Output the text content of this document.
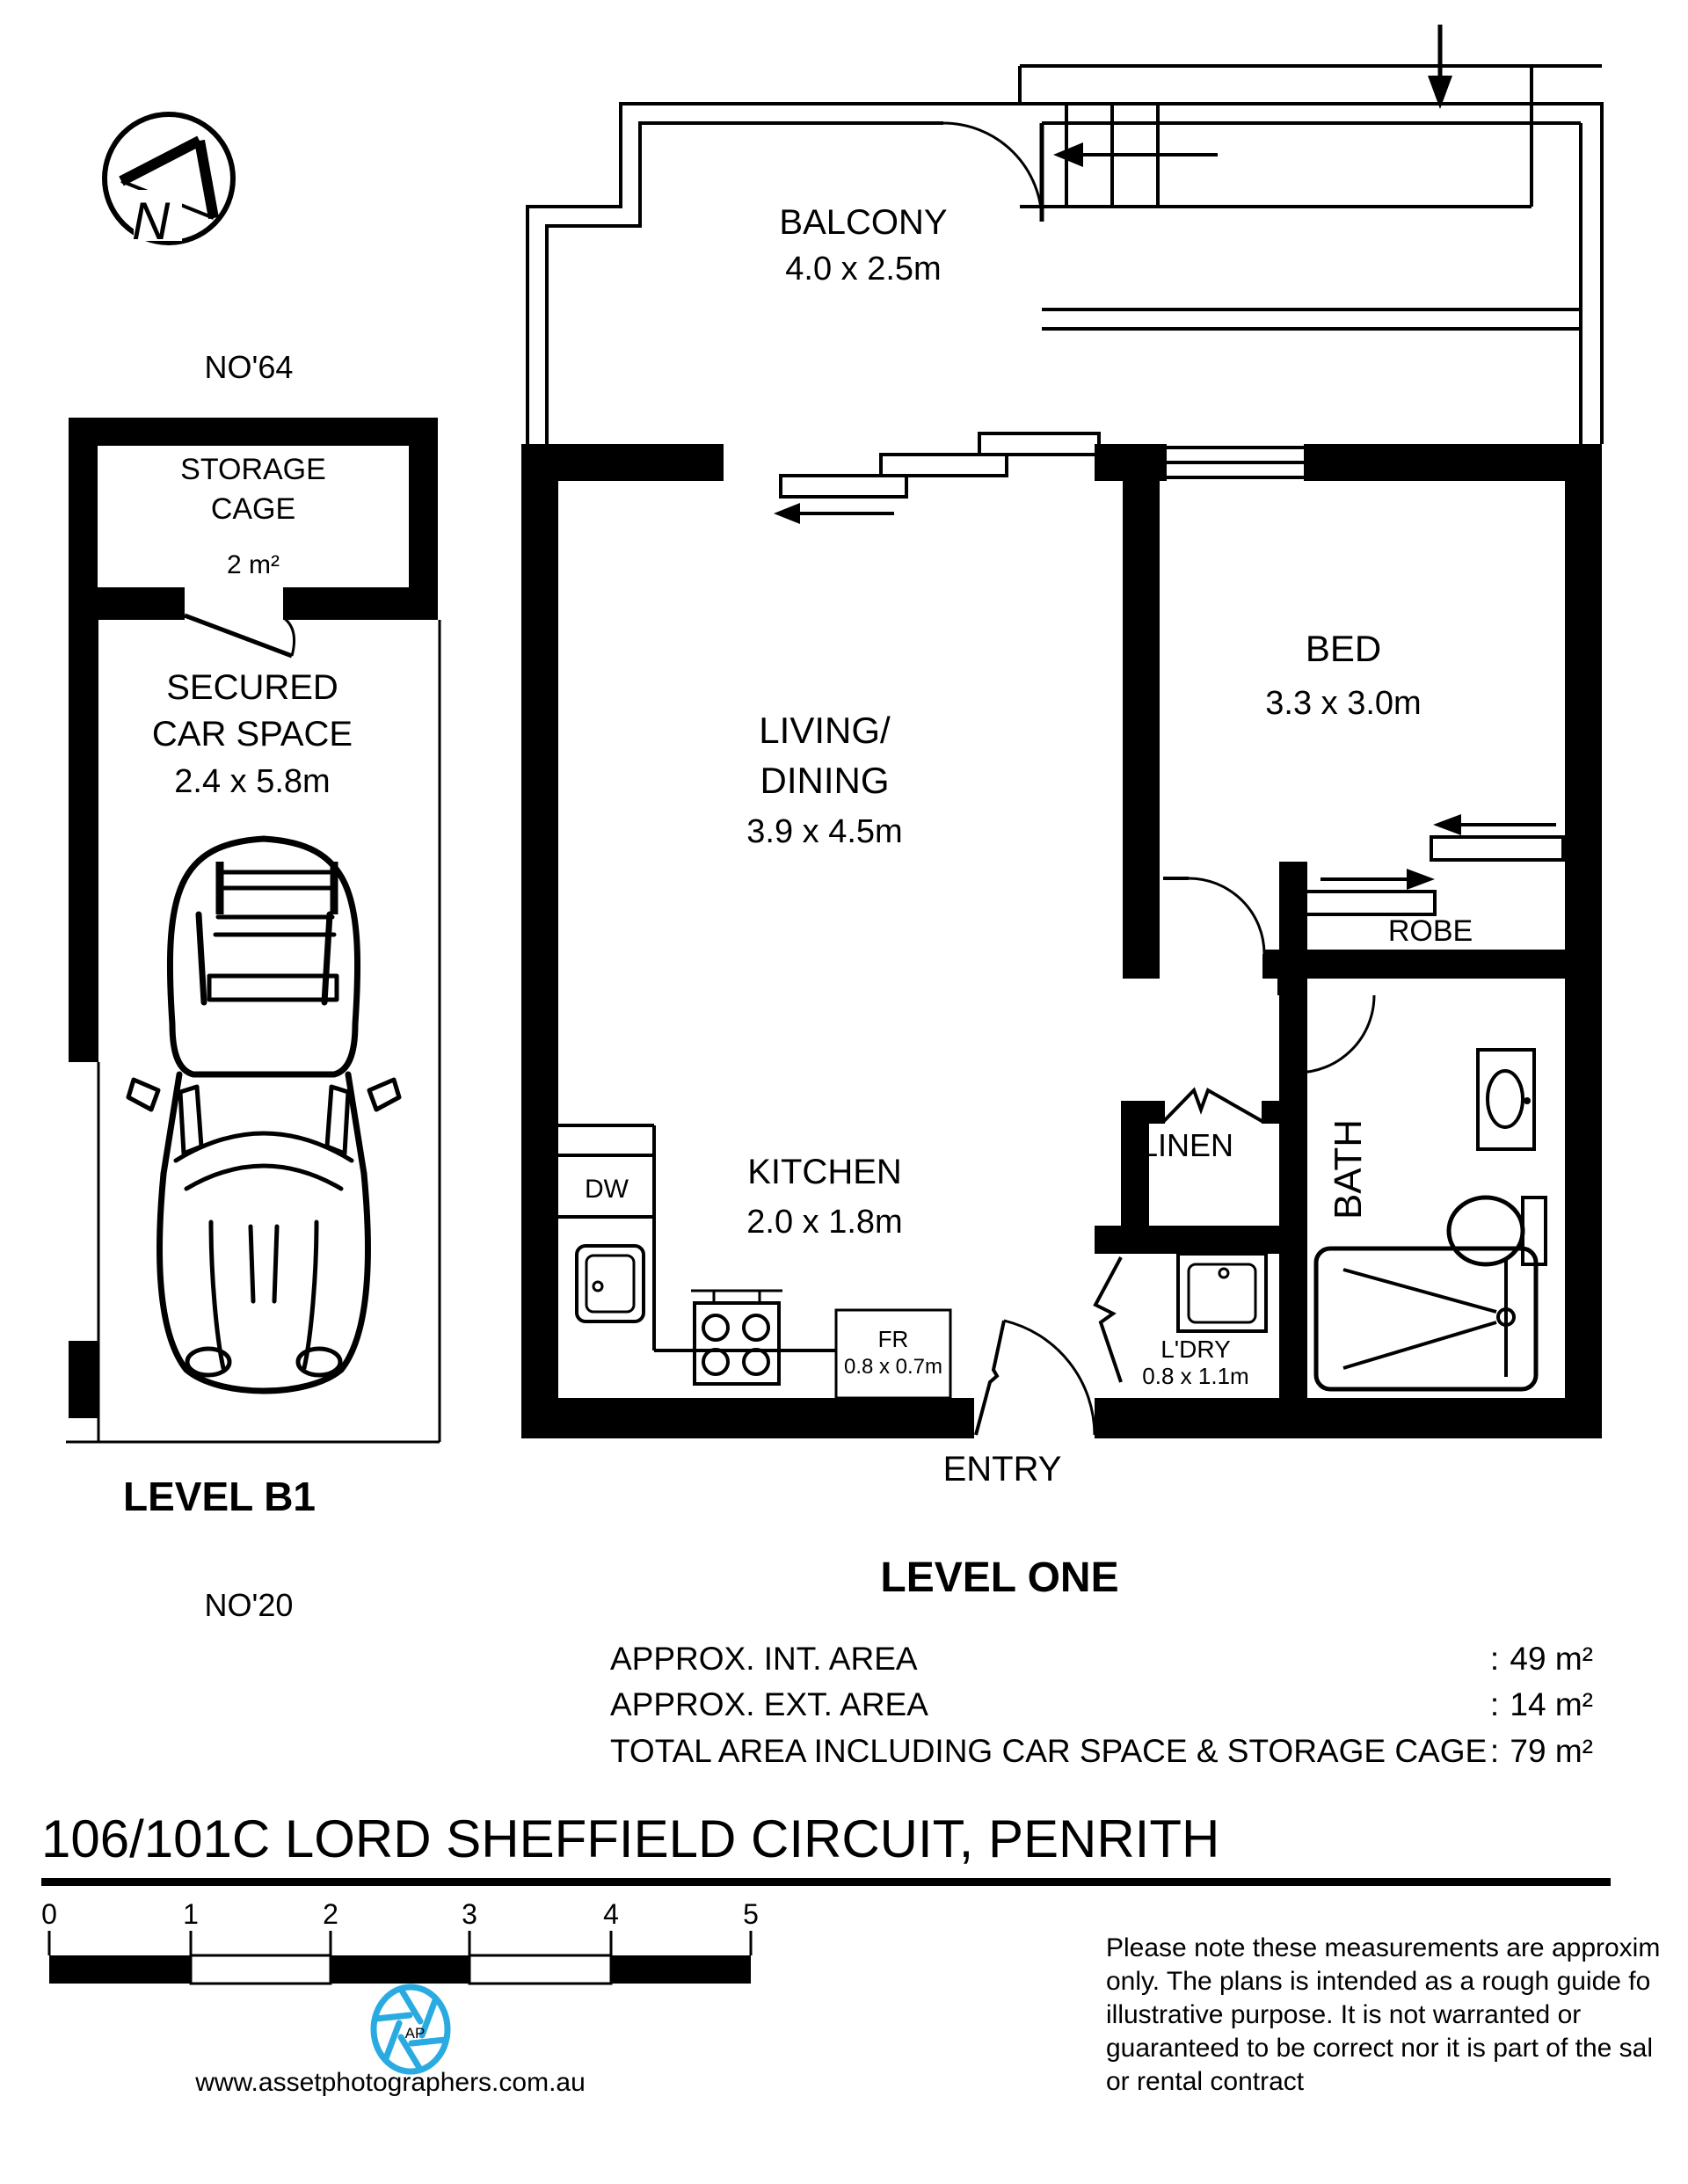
N
NO'64
STORAGE
CAGE
2 m²
SECURED
CAR SPACE
2.4 x 5.8m
LEVEL B1
NO'20
BALCONY
4.0 x 2.5m
LIVING/
DINING
3.9 x 4.5m
BED
3.3 x 3.0m
ROBE
LINEN
L'DRY
0.8 x 1.1m
BATH
DW
FR
0.8 x 0.7m
KITCHEN
2.0 x 1.8m
ENTRY
LEVEL ONE
APPROX. INT. AREA	: 49 m²
APPROX. EXT. AREA	: 14 m²
TOTAL AREA INCLUDING CAR SPACE & STORAGE CAGE : 79 m²
106/101C LORD SHEFFIELD CIRCUIT, PENRITH
0	1	2	3	4	5
AP
www.assetphotographers.com.au
Please note these measurements are approxim
only. The plans is intended as a rough guide fo
illustrative purpose. It is not warranted or
guaranteed to be correct nor it is part of the sal
or rental contract
